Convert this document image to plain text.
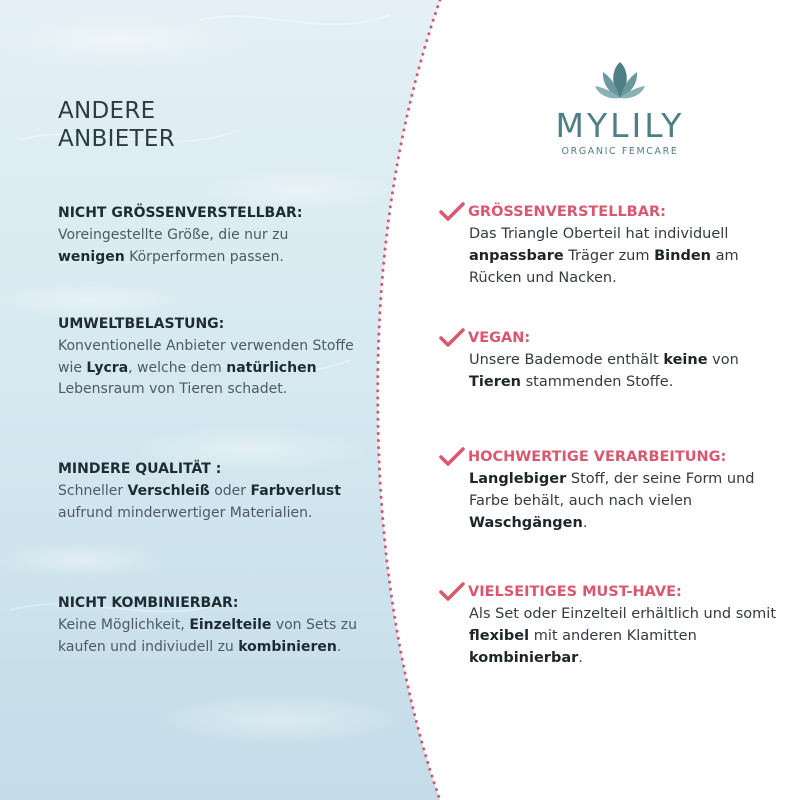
ANDERE
ANBIETER
NICHT GRÖSSENVERSTELLBAR:
Voreingestellte Größe, die nur zu wenigen Körperformen passen.
UMWELTBELASTUNG:
Konventionelle Anbieter verwenden Stoffe wie Lycra, welche dem natürlichen Lebensraum von Tieren schadet.
MINDERE QUALITÄT :
Schneller Verschleiß oder Farbverlust aufrund minderwertiger Materialien.
NICHT KOMBINIERBAR:
Keine Möglichkeit, Einzelteile von Sets zu kaufen und indiviudell zu kombinieren.
MYLILY
ORGANIC FEMCARE
GRÖSSENVERSTELLBAR:
Das Triangle Oberteil hat individuell anpassbare Träger zum Binden am Rücken und Nacken.
VEGAN:
Unsere Bademode enthält keine von Tieren stammenden Stoffe.
HOCHWERTIGE VERARBEITUNG:
Langlebiger Stoff, der seine Form und Farbe behält, auch nach vielen Waschgängen.
VIELSEITIGES MUST-HAVE:
Als Set oder Einzelteil erhältlich und somit flexibel mit anderen Klamitten kombinierbar.
